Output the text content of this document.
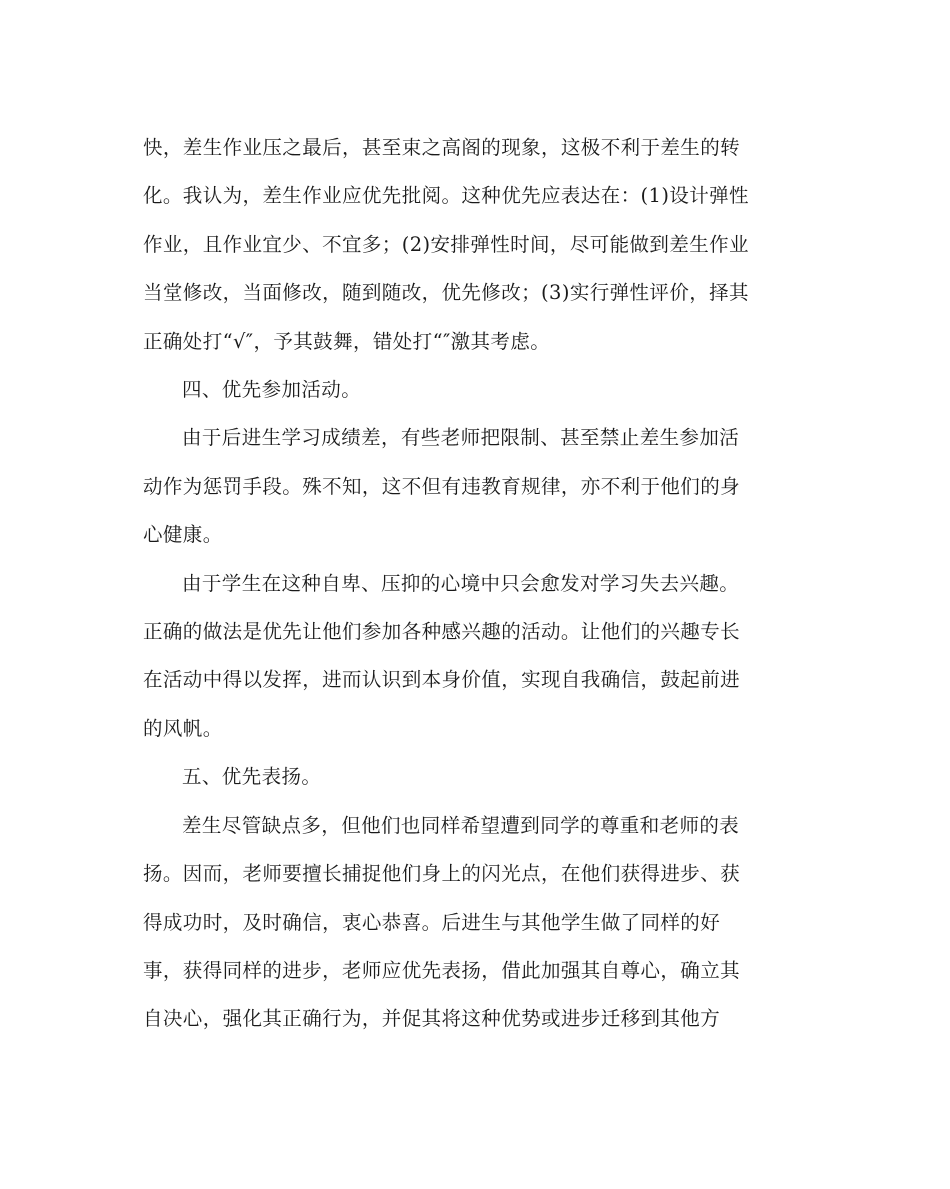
快，差生作业压之最后，甚至束之高阁的现象，这极不利于差生的转
化。我认为，差生作业应优先批阅。这种优先应表达在：(1)设计弹性
作业，且作业宜少、不宜多；(2)安排弹性时间，尽可能做到差生作业
当堂修改，当面修改，随到随改，优先修改；(3)实行弹性评价，择其
正确处打“√″，予其鼓舞，错处打“″激其考虑。
四、优先参加活动。
由于后进生学习成绩差，有些老师把限制、甚至禁止差生参加活
动作为惩罚手段。殊不知，这不但有违教育规律，亦不利于他们的身
心健康。
由于学生在这种自卑、压抑的心境中只会愈发对学习失去兴趣。
正确的做法是优先让他们参加各种感兴趣的活动。让他们的兴趣专长
在活动中得以发挥，进而认识到本身价值，实现自我确信，鼓起前进
的风帆。
五、优先表扬。
差生尽管缺点多，但他们也同样希望遭到同学的尊重和老师的表
扬。因而，老师要擅长捕捉他们身上的闪光点，在他们获得进步、获
得成功时，及时确信，衷心恭喜。后进生与其他学生做了同样的好
事，获得同样的进步，老师应优先表扬，借此加强其自尊心，确立其
自决心，强化其正确行为，并促其将这种优势或进步迁移到其他方
